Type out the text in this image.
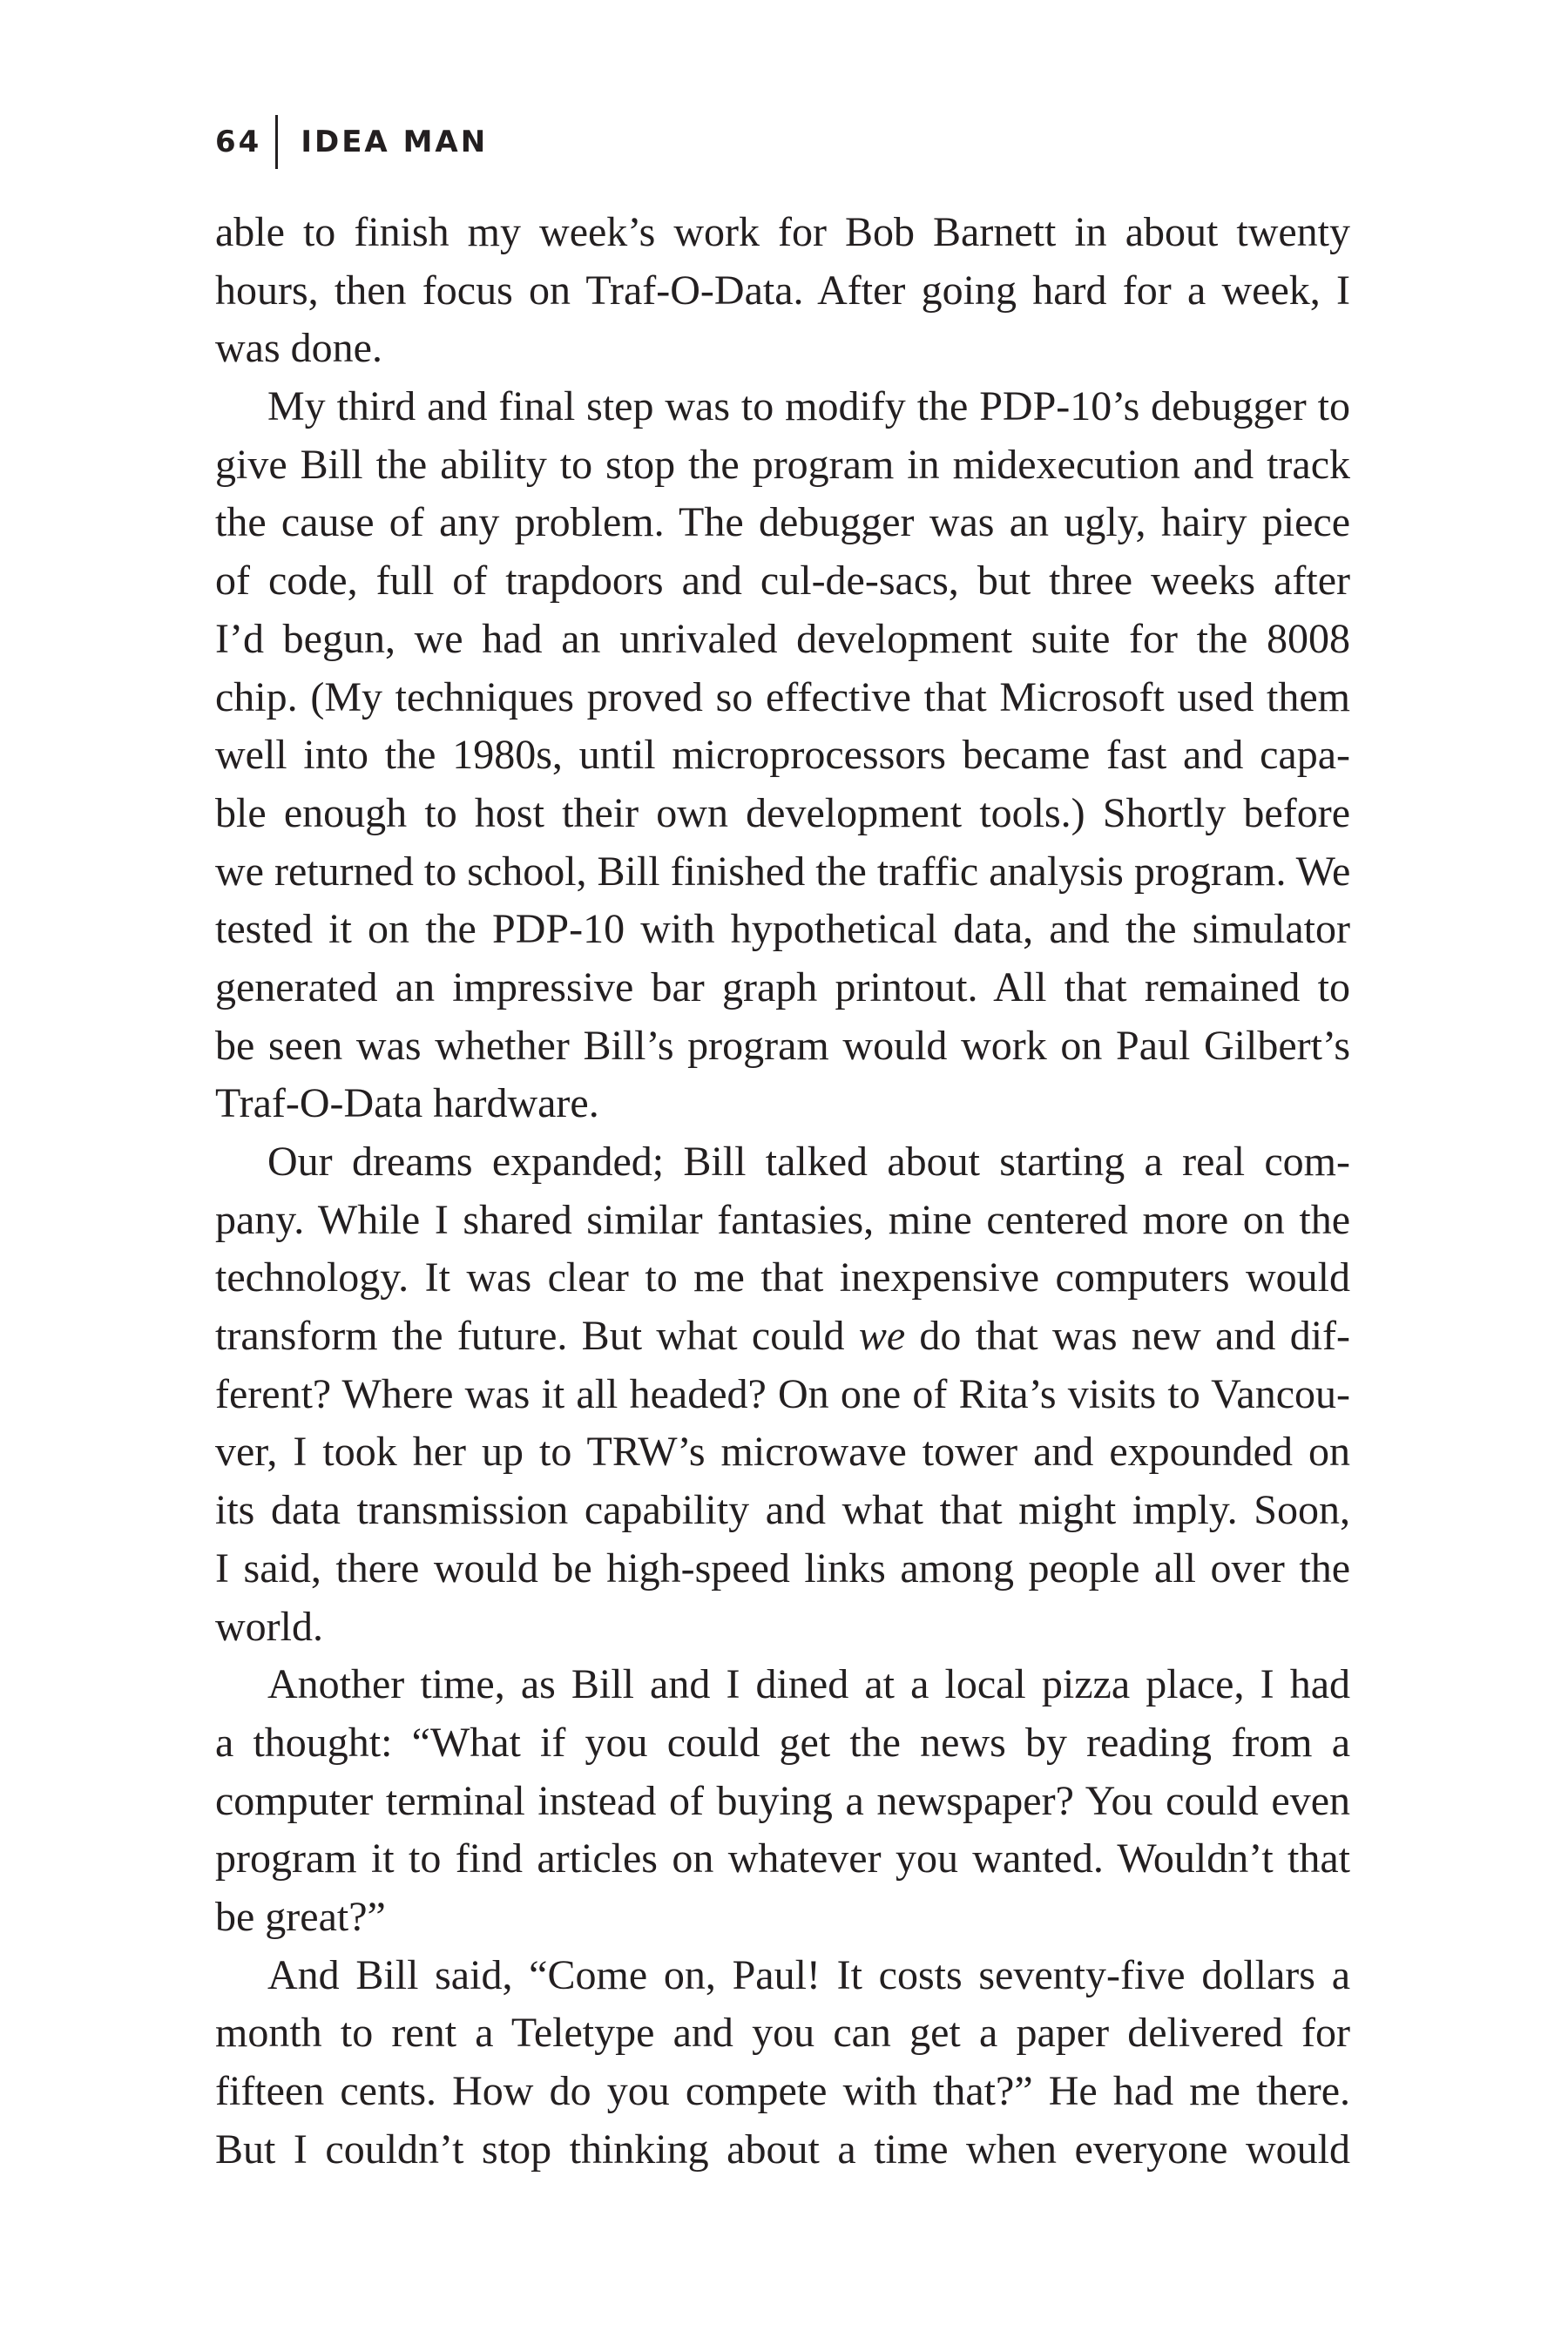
64 IDEA MAN
able to finish my week’s work for Bob Barnett in about twenty
hours, then focus on Traf-O-Data. After going hard for a week, I
was done.
My third and final step was to modify the PDP-10’s debugger to
give Bill the ability to stop the program in midexecution and track
the cause of any problem. The debugger was an ugly, hairy piece
of code, full of trapdoors and cul-de-sacs, but three weeks after
I’d begun, we had an unrivaled development suite for the 8008
chip. (My techniques proved so effective that Microsoft used them
well into the 1980s, until microprocessors became fast and capa-
ble enough to host their own development tools.) Shortly before
we returned to school, Bill finished the traffic analysis program. We
tested it on the PDP-10 with hypothetical data, and the simulator
generated an impressive bar graph printout. All that remained to
be seen was whether Bill’s program would work on Paul Gilbert’s
Traf-O-Data hardware.
Our dreams expanded; Bill talked about starting a real com-
pany. While I shared similar fantasies, mine centered more on the
technology. It was clear to me that inexpensive computers would
transform the future. But what could we do that was new and dif-
ferent? Where was it all headed? On one of Rita’s visits to Vancou-
ver, I took her up to TRW’s microwave tower and expounded on
its data transmission capability and what that might imply. Soon,
I said, there would be high-speed links among people all over the
world.
Another time, as Bill and I dined at a local pizza place, I had
a thought: “What if you could get the news by reading from a
computer terminal instead of buying a newspaper? You could even
program it to find articles on whatever you wanted. Wouldn’t that
be great?”
And Bill said, “Come on, Paul! It costs seventy-five dollars a
month to rent a Teletype and you can get a paper delivered for
fifteen cents. How do you compete with that?” He had me there.
But I couldn’t stop thinking about a time when everyone would
